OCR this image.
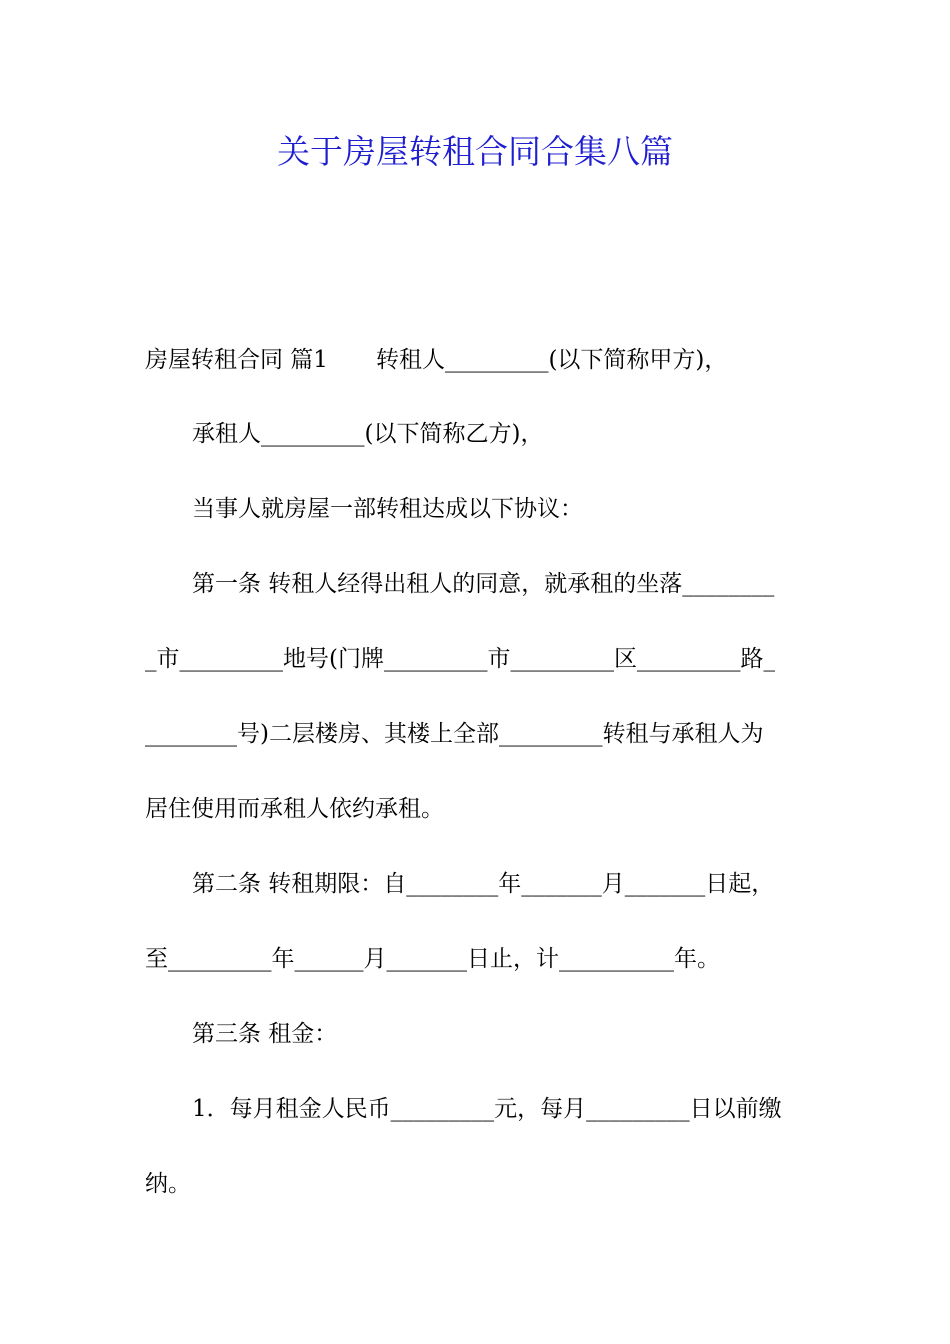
关于房屋转租合同合集八篇
房屋转租合同 篇1 转租人_________(以下简称甲方)，
承租人_________(以下简称乙方)，
当事人就房屋一部转租达成以下协议：
第一条 转租人经得出租人的同意，就承租的坐落________
_市_________地号(门牌_________市_________区_________路_
________号)二层楼房、其楼上全部_________转租与承租人为
居住使用而承租人依约承租。
第二条 转租期限：自________年_______月_______日起，
至_________年______月_______日止，计__________年。
第三条 租金：
1．每月租金人民币_________元，每月_________日以前缴
纳。
